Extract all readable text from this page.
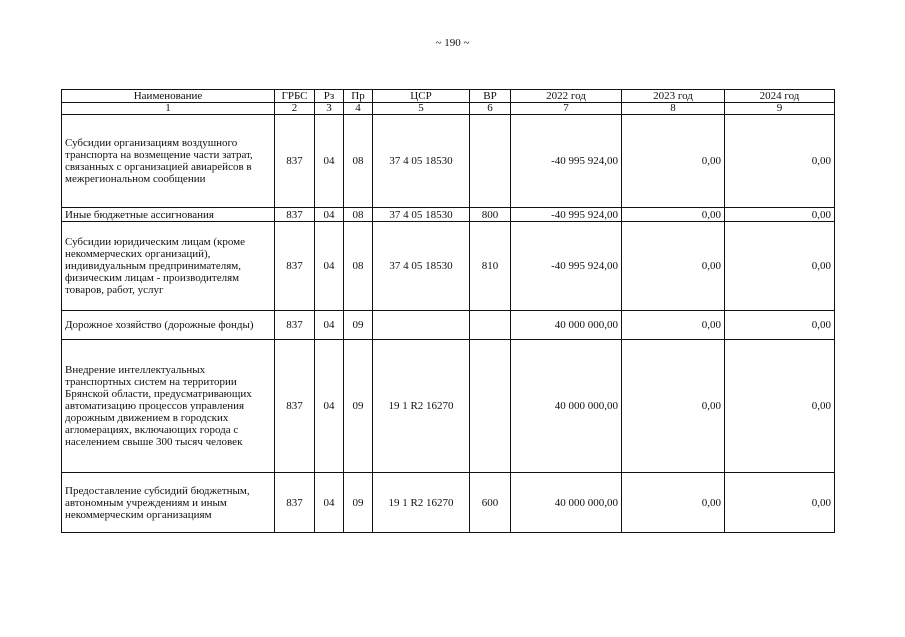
~ 190 ~
Наименование	ГРБС	Рз	Пр	ЦСР	ВР	2022 год	2023 год	2024 год
1	2	3	4	5	6	7	8	9
Субсидии организациям воздушного транспорта на возмещение части затрат, связанных с организацией авиарейсов в межрегиональном сообщении	837	04	08	37 4 05 18530		-40 995 924,00	0,00	0,00
Иные бюджетные ассигнования	837	04	08	37 4 05 18530	800	-40 995 924,00	0,00	0,00
Субсидии юридическим лицам (кроме некоммерческих организаций), индивидуальным предпринимателям, физическим лицам - производителям товаров, работ, услуг	837	04	08	37 4 05 18530	810	-40 995 924,00	0,00	0,00
Дорожное хозяйство (дорожные фонды)	837	04	09			40 000 000,00	0,00	0,00
Внедрение интеллектуальных транспортных систем на территории Брянской области, предусматривающих автоматизацию процессов управления дорожным движением в городских агломерациях, включающих города с населением свыше 300 тысяч человек	837	04	09	19 1 R2 16270		40 000 000,00	0,00	0,00
Предоставление субсидий бюджетным, автономным учреждениям и иным некоммерческим организациям	837	04	09	19 1 R2 16270	600	40 000 000,00	0,00	0,00
